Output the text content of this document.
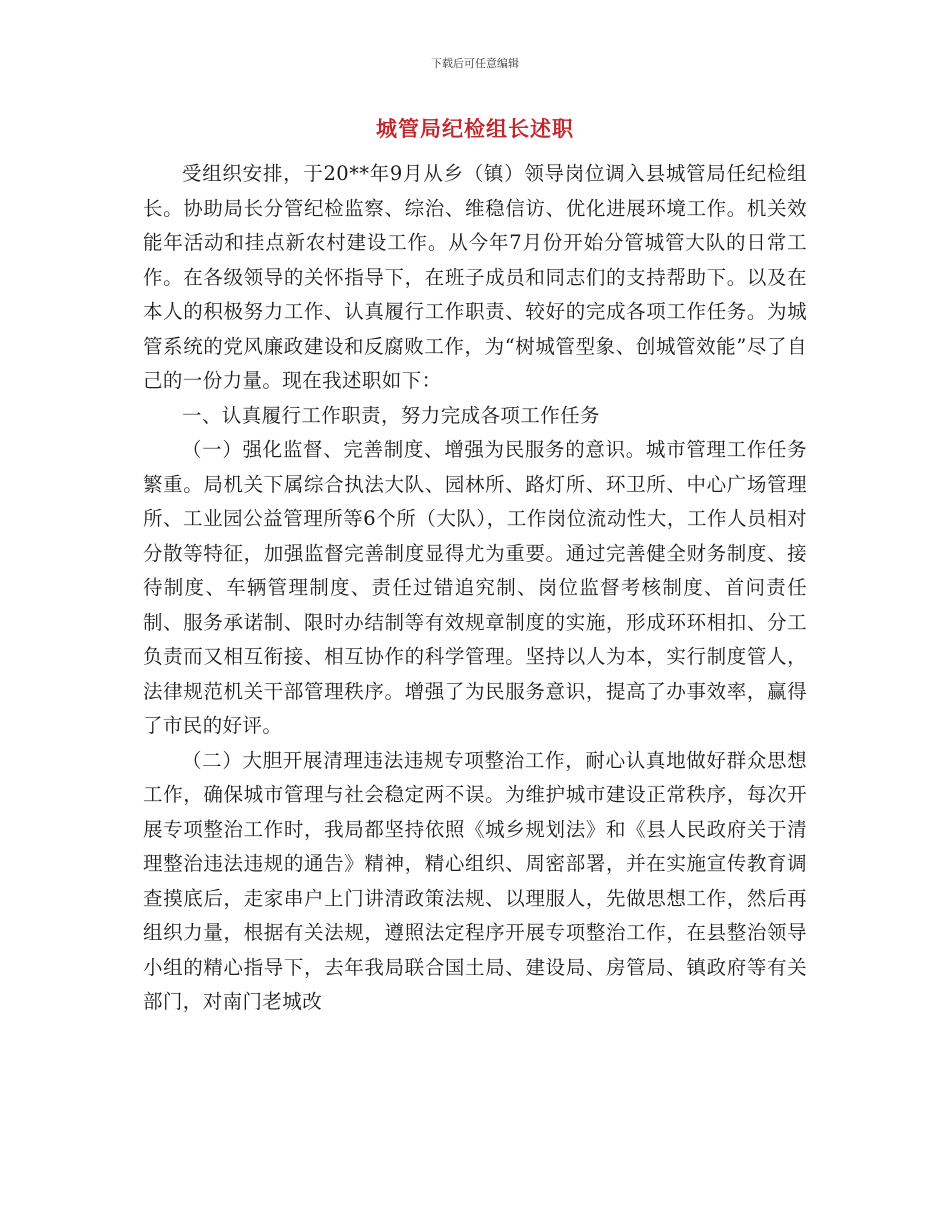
下载后可任意编辑
城管局纪检组长述职

受组织安排，于20**年9月从乡（镇）领导岗位调入县城管局任纪检组长。协助局长分管纪检监察、综治、维稳信访、优化进展环境工作。机关效能年活动和挂点新农村建设工作。从今年7月份开始分管城管大队的日常工作。在各级领导的关怀指导下，在班子成员和同志们的支持帮助下。以及在本人的积极努力工作、认真履行工作职责、较好的完成各项工作任务。为城管系统的党风廉政建设和反腐败工作，为“树城管型象、创城管效能”尽了自己的一份力量。现在我述职如下：

一、认真履行工作职责，努力完成各项工作任务

（一）强化监督、完善制度、增强为民服务的意识。城市管理工作任务繁重。局机关下属综合执法大队、园林所、路灯所、环卫所、中心广场管理所、工业园公益管理所等6个所（大队），工作岗位流动性大，工作人员相对分散等特征，加强监督完善制度显得尤为重要。通过完善健全财务制度、接待制度、车辆管理制度、责任过错追究制、岗位监督考核制度、首问责任制、服务承诺制、限时办结制等有效规章制度的实施，形成环环相扣、分工负责而又相互衔接、相互协作的科学管理。坚持以人为本，实行制度管人，法律规范机关干部管理秩序。增强了为民服务意识，提高了办事效率，赢得了市民的好评。

（二）大胆开展清理违法违规专项整治工作，耐心认真地做好群众思想工作，确保城市管理与社会稳定两不误。为维护城市建设正常秩序，每次开展专项整治工作时，我局都坚持依照《城乡规划法》和《县人民政府关于清理整治违法违规的通告》精神，精心组织、周密部署，并在实施宣传教育调查摸底后，走家串户上门讲清政策法规、以理服人，先做思想工作，然后再组织力量，根据有关法规，遵照法定程序开展专项整治工作，在县整治领导小组的精心指导下，去年我局联合国土局、建设局、房管局、镇政府等有关部门，对南门老城改
